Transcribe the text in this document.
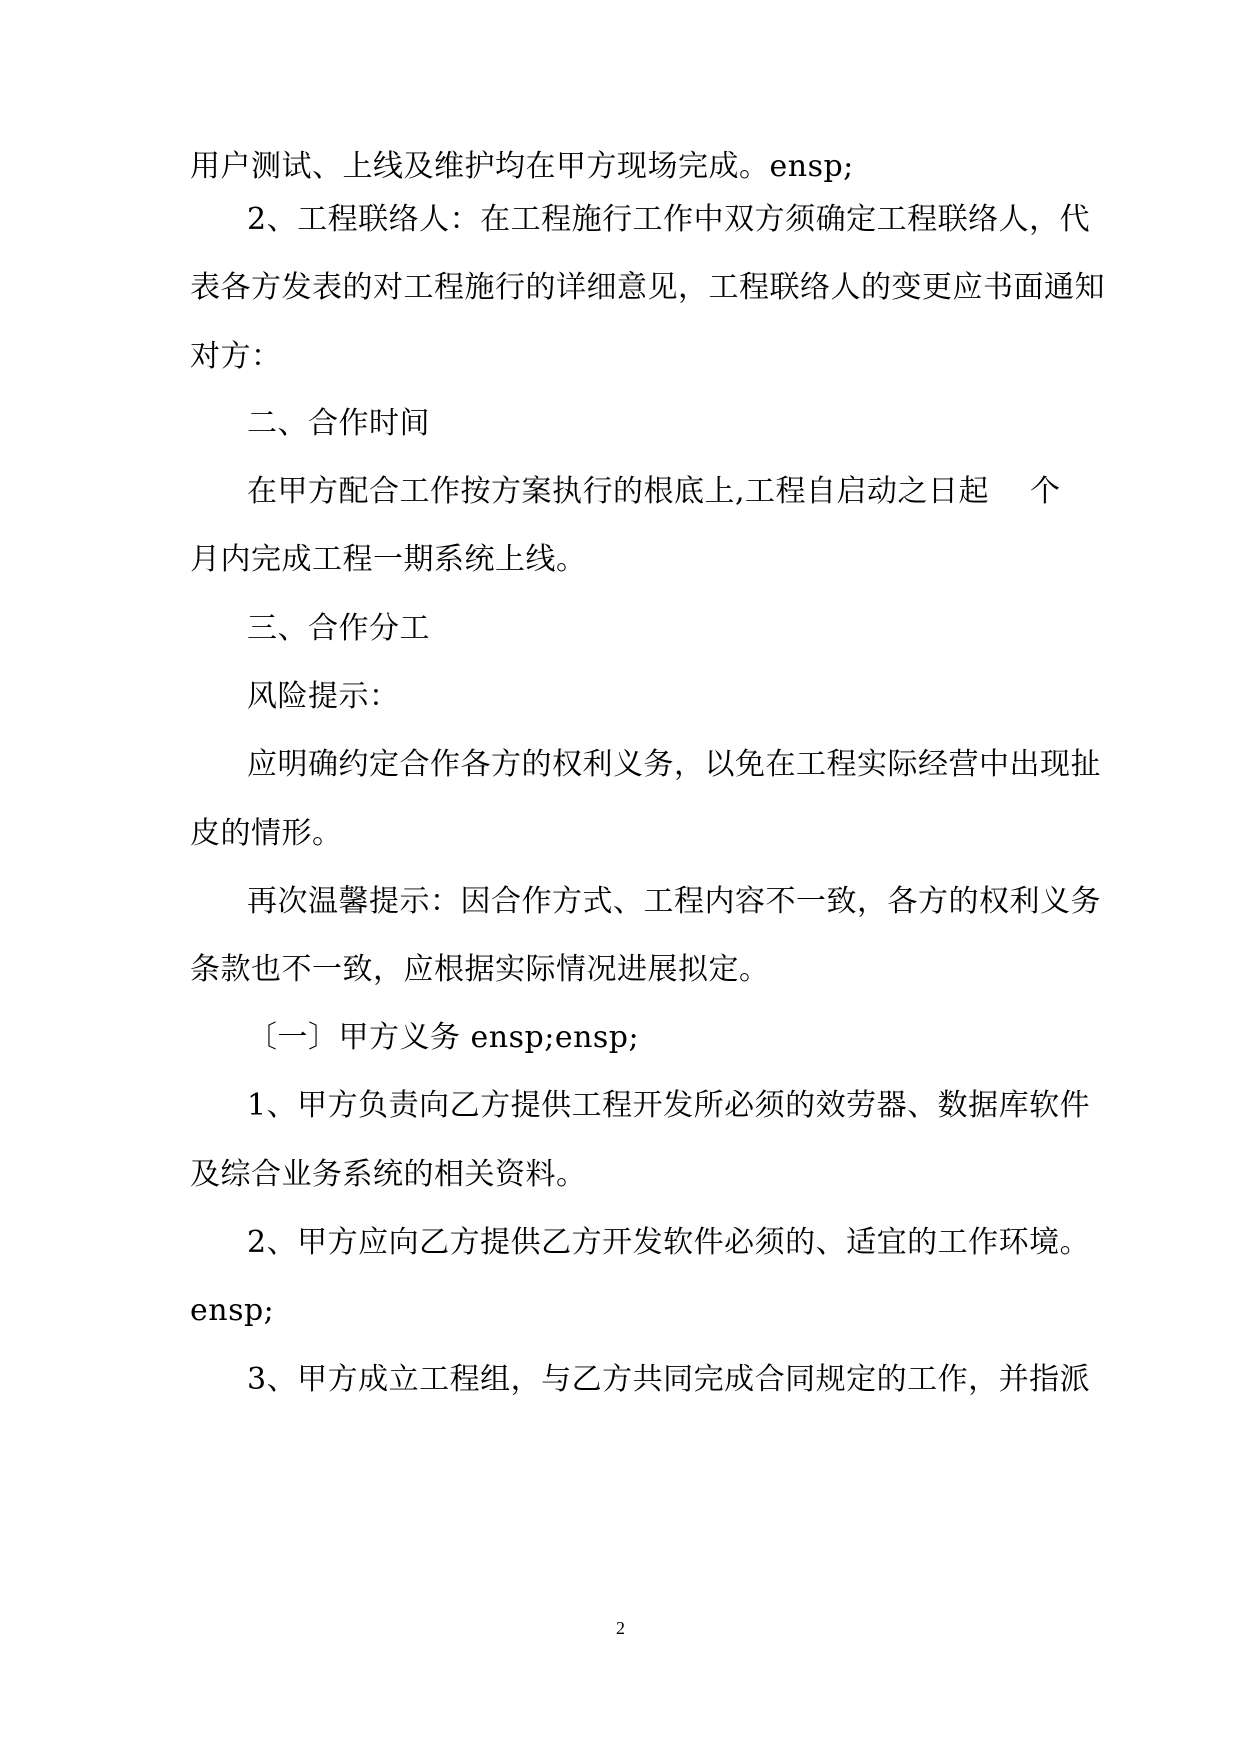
用户测试、上线及维护均在甲方现场完成。ensp;
2、工程联络人：在工程施行工作中双方须确定工程联络人，代
表各方发表的对工程施行的详细意见，工程联络人的变更应书面通知
对方：
二、合作时间
在甲方配合工作按方案执行的根底上,工程自启动之日起	个
月内完成工程一期系统上线。
三、合作分工
风险提示：
应明确约定合作各方的权利义务，以免在工程实际经营中出现扯
皮的情形。
再次温馨提示：因合作方式、工程内容不一致，各方的权利义务
条款也不一致，应根据实际情况进展拟定。
〔一〕甲方义务 ensp;ensp;
1、甲方负责向乙方提供工程开发所必须的效劳器、数据库软件
及综合业务系统的相关资料。
2、甲方应向乙方提供乙方开发软件必须的、适宜的工作环境。
ensp;
3、甲方成立工程组，与乙方共同完成合同规定的工作，并指派
2
